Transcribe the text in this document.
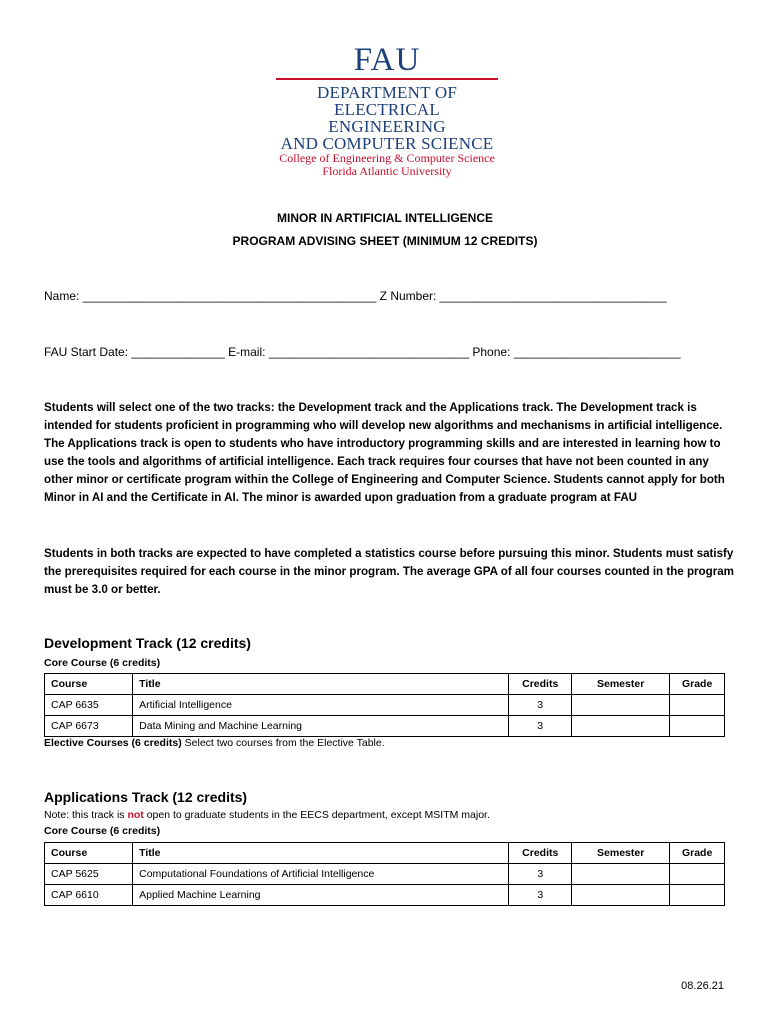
FAU
DEPARTMENT OF
ELECTRICAL ENGINEERING
AND COMPUTER SCIENCE
College of Engineering & Computer Science
Florida Atlantic University
MINOR IN ARTIFICIAL INTELLIGENCE
PROGRAM ADVISING SHEET (MINIMUM 12 CREDITS)
Name: ____________________________________________ Z Number: __________________________________
FAU Start Date: ______________ E-mail: ______________________________ Phone: _________________________
Students will select one of the two tracks: the Development track and the Applications track. The Development track is intended for students proficient in programming who will develop new algorithms and mechanisms in artificial intelligence. The Applications track is open to students who have introductory programming skills and are interested in learning how to use the tools and algorithms of artificial intelligence. Each track requires four courses that have not been counted in any other minor or certificate program within the College of Engineering and Computer Science. Students cannot apply for both Minor in AI and the Certificate in AI. The minor is awarded upon graduation from a graduate program at FAU
Students in both tracks are expected to have completed a statistics course before pursuing this minor. Students must satisfy the prerequisites required for each course in the minor program. The average GPA of all four courses counted in the program must be 3.0 or better.
Development Track (12 credits)
Core Course (6 credits)
Course	Title	Credits	Semester	Grade
CAP 6635	Artificial Intelligence	3		
CAP 6673	Data Mining and Machine Learning	3		
Elective Courses (6 credits) Select two courses from the Elective Table.
Applications Track (12 credits)
Note: this track is not open to graduate students in the EECS department, except MSITM major.
Core Course (6 credits)
Course	Title	Credits	Semester	Grade
CAP 5625	Computational Foundations of Artificial Intelligence	3		
CAP 6610	Applied Machine Learning	3		
08.26.21
